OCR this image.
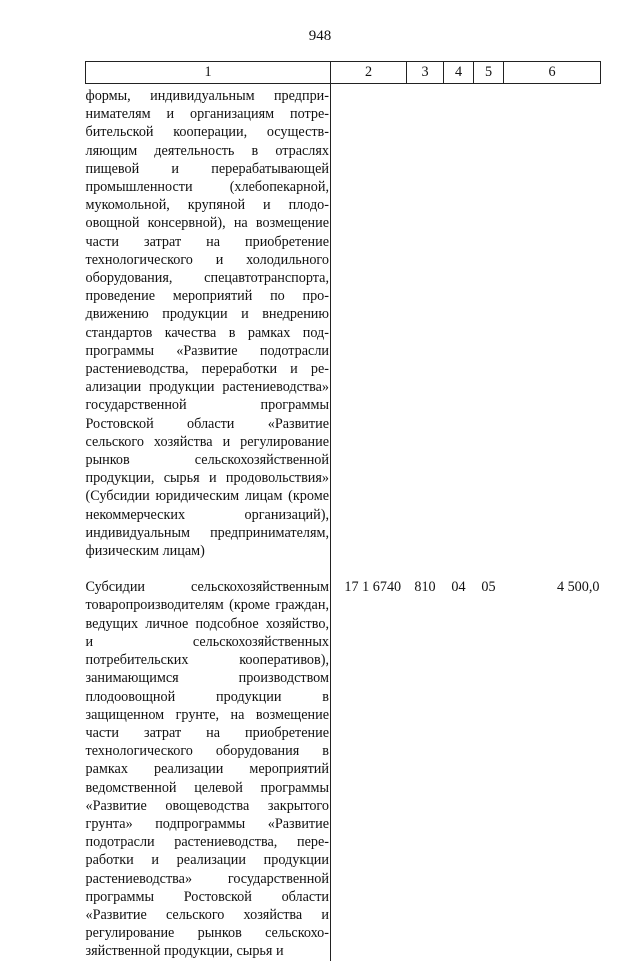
948
1	2	3	4	5	6
формы, индивидуальным предпринимателям и организациям потребительской кооперации, осуществляющим деятельность в отраслях пищевой и перерабатывающей промышленности (хлебопекарной, мукомольной, крупяной и плодоовощной консервной), на возмещение части затрат на приобретение технологического и холодильного оборудования, спецавтотранспорта, проведение мероприятий по продвижению продукции и внедрению стандартов качества в рамках подпрограммы «Развитие подотрасли растениеводства, переработки и реализации продукции растениеводства» государственной программы Ростовской области «Развитие сельского хозяйства и регулирование рынков сельскохозяйственной продукции, сырья и продовольствия» (Субсидии юридическим лицам (кроме некоммерческих организаций), индивидуальным предпринимателям, физическим лицам)					
Субсидии сельскохозяйственным товаропроизводителям (кроме граждан, ведущих личное подсобное хозяйство, и сельскохозяйственных потребительских кооперативов), занимающимся производством плодоовощной продукции в защищенном грунте, на возмещение части затрат на приобретение технологического оборудования в рамках реализации мероприятий ведомственной целевой программы «Развитие овощеводства закрытого грунта» подпрограммы «Развитие подотрасли растениеводства, переработки и реализации продукции растениеводства» государственной программы Ростовской области «Развитие сельского хозяйства и регулирование рынков сельскохозяйственной продукции, сырья и	17 1 6740	810	04	05	4 500,0
